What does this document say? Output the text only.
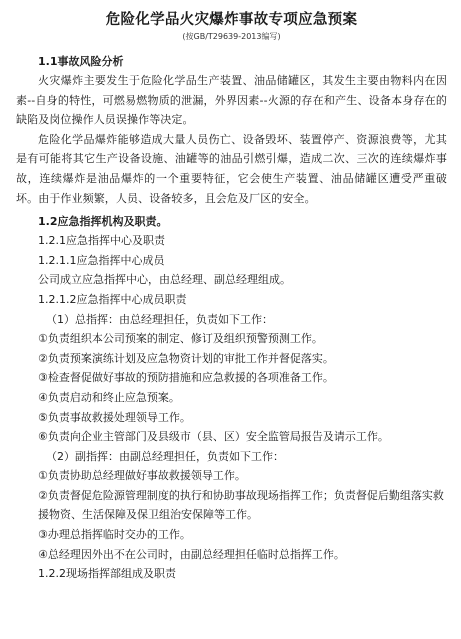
危险化学品火灾爆炸事故专项应急预案
(按GB/T29639-2013编写)
1.1事故风险分析

火灾爆炸主要发生于危险化学品生产装置、油品储罐区，其发生主要由物料内在因素--自身的特性，可燃易燃物质的泄漏，外界因素--火源的存在和产生、设备本身存在的缺陷及岗位操作人员误操作等决定。

危险化学品爆炸能够造成大量人员伤亡、设备毁坏、装置停产、资源浪费等，尤其是有可能将其它生产设备设施、油罐等的油品引燃引爆，造成二次、三次的连续爆炸事故，连续爆炸是油品爆炸的一个重要特征，它会使生产装置、油品储罐区遭受严重破坏。由于作业频繁，人员、设备较多，且会危及厂区的安全。

1.2应急指挥机构及职责。
1.2.1应急指挥中心及职责
1.2.1.1应急指挥中心成员
公司成立应急指挥中心，由总经理、副总经理组成。
1.2.1.2应急指挥中心成员职责
（1）总指挥：由总经理担任，负责如下工作：
①负责组织本公司预案的制定、修订及组织预警预测工作。
②负责预案演练计划及应急物资计划的审批工作并督促落实。
③检查督促做好事故的预防措施和应急救援的各项准备工作。
④负责启动和终止应急预案。
⑤负责事故救援处理领导工作。
⑥负责向企业主管部门及县级市（县、区）安全监管局报告及请示工作。
（2）副指挥：由副总经理担任，负责如下工作：
①负责协助总经理做好事故救援领导工作。
②负责督促危险源管理制度的执行和协助事故现场指挥工作；负责督促后勤组落实救援物资、生活保障及保卫组治安保障等工作。
③办理总指挥临时交办的工作。
④总经理因外出不在公司时，由副总经理担任临时总指挥工作。
1.2.2现场指挥部组成及职责
